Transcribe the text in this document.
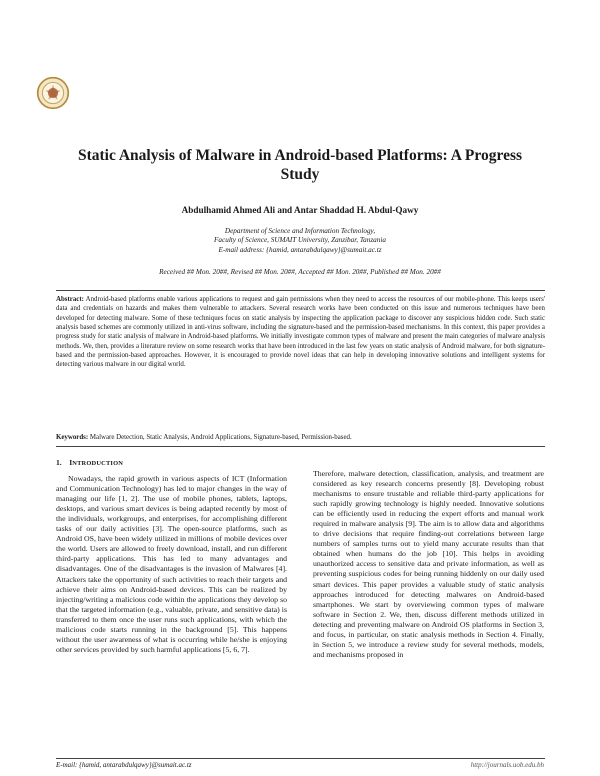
Static Analysis of Malware in Android-based Platforms: A Progress Study
Abdulhamid Ahmed Ali and Antar Shaddad H. Abdul-Qawy
Department of Science and Information Technology,
Faculty of Science, SUMAIT University, Zanzibar, Tanzania
E-mail address: {hamid, antarabdulqawy}@sumait.ac.tz
Received ## Mon. 20##, Revised ## Mon. 20##, Accepted ## Mon. 20##, Published ## Mon. 20##
Abstract: Android-based platforms enable various applications to request and gain permissions when they need to access the resources of our mobile-phone. This keeps users' data and credentials on hazards and makes them vulnerable to attackers. Several research works have been conducted on this issue and numerous techniques have been developed for detecting malware. Some of these techniques focus on static analysis by inspecting the application package to discover any suspicious hidden code. Such static analysis based schemes are commonly utilized in anti-virus software, including the signature-based and the permission-based mechanisms. In this context, this paper provides a progress study for static analysis of malware in Android-based platforms. We initially investigate common types of malware and present the main categories of malware analysis methods. We, then, provides a literature review on some research works that have been introduced in the last few years on static analysis of Android malware, for both signature-based and the permission-based approaches. However, it is encouraged to provide novel ideas that can help in developing innovative solutions and intelligent systems for detecting various malware in our digital world.
Keywords: Malware Detection, Static Analysis, Android Applications, Signature-based, Permission-based.
1. INTRODUCTION

Nowadays, the rapid growth in various aspects of ICT (Information and Communication Technology) has led to major changes in the way of managing our life [1, 2]. The use of mobile phones, tablets, laptops, desktops, and various smart devices is being adapted recently by most of the individuals, workgroups, and enterprises, for accomplishing different tasks of our daily activities [3]. The open-source platforms, such as Android OS, have been widely utilized in millions of mobile devices over the world. Users are allowed to freely download, install, and run different third-party applications. This has led to many advantages and disadvantages. One of the disadvantages is the invasion of Malwares [4]. Attackers take the opportunity of such activities to reach their targets and achieve their aims on Android-based devices. This can be realized by injecting/writing a malicious code within the applications they develop so that the targeted information (e.g., valuable, private, and sensitive data) is transferred to them once the user runs such applications, with which the malicious code starts running in the background [5]. This happens without the user awareness of what is occurring while he/she is enjoying other services provided by such harmful applications [5, 6, 7].

Therefore, malware detection, classification, analysis, and treatment are considered as key research concerns presently [8]. Developing robust mechanisms to ensure trustable and reliable third-party applications for such rapidly growing technology is highly needed. Innovative solutions can be efficiently used in reducing the expert efforts and manual work required in malware analysis [9]. The aim is to allow data and algorithms to drive decisions that require finding-out correlations between large numbers of samples turns out to yield many accurate results than that obtained when humans do the job [10]. This helps in avoiding unauthorized access to sensitive data and private information, as well as preventing suspicious codes for being running hiddenly on our daily used smart devices. This paper provides a valuable study of static analysis approaches introduced for detecting malwares on Android-based smartphones. We start by overviewing common types of malware software in Section 2. We, then, discuss different methods utilized in detecting and preventing malware on Android OS platforms in Section 3, and focus, in particular, on static analysis methods in Section 4. Finally, in Section 5, we introduce a review study for several methods, models, and mechanisms proposed in

E-mail: {hamid, antarabdulqawy}@sumait.ac.tz	http://journals.uob.edu.bh
